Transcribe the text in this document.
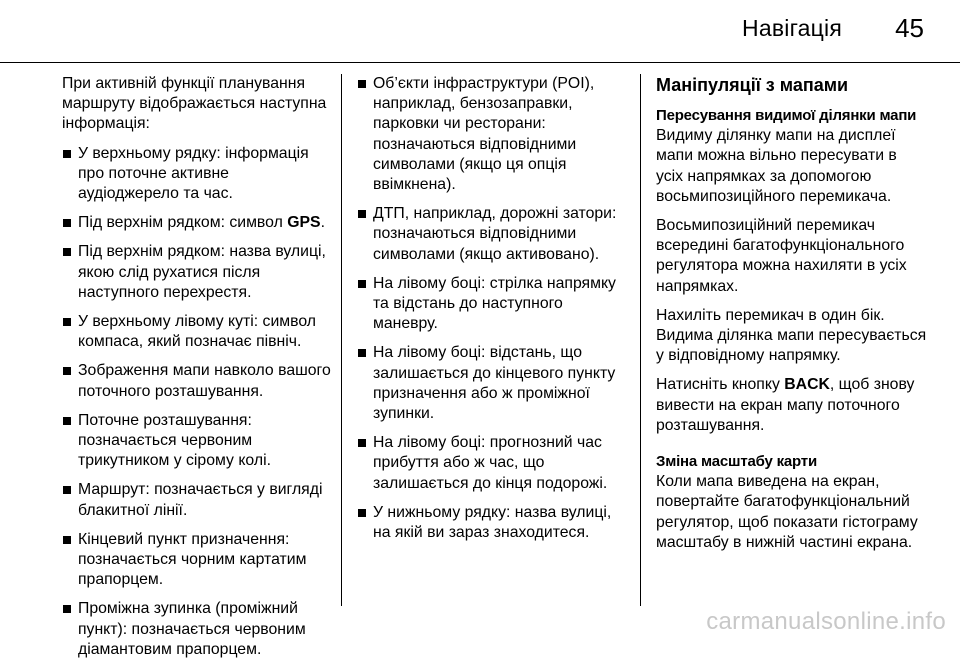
Навігація 45

При активній функції планування маршруту відображається наступна інформація:

У верхньому рядку: інформація про поточне активне аудіоджерело та час.
Під верхнім рядком: символ GPS.
Під верхнім рядком: назва вулиці, якою слід рухатися після наступного перехрестя.
У верхньому лівому куті: символ компаса, який позначає північ.
Зображення мапи навколо вашого поточного розташування.
Поточне розташування: позначається червоним трикутником у сірому колі.
Маршрут: позначається у вигляді блакитної лінії.
Кінцевий пункт призначення: позначається чорним картатим прапорцем.
Проміжна зупинка (проміжний пункт): позначається червоним діамантовим прапорцем.
Об’єкти інфраструктури (POI), наприклад, бензозаправки, парковки чи ресторани: позначаються відповідними символами (якщо ця опція ввімкнена).
ДТП, наприклад, дорожні затори: позначаються відповідними символами (якщо активовано).
На лівому боці: стрілка напрямку та відстань до наступного маневру.
На лівому боці: відстань, що залишається до кінцевого пункту призначення або ж проміжної зупинки.
На лівому боці: прогнозний час прибуття або ж час, що залишається до кінця подорожі.
У нижньому рядку: назва вулиці, на якій ви зараз знаходитеся.
Маніпуляції з мапами
Пересування видимої ділянки мапи

Видиму ділянку мапи на дисплеї мапи можна вільно пересувати в усіх напрямках за допомогою восьмипозиційного перемикача.

Восьмипозиційний перемикач всередині багатофункціонального регулятора можна нахиляти в усіх напрямках.

Нахиліть перемикач в один бік. Видима ділянка мапи пересувається у відповідному напрямку.

Натисніть кнопку BACK, щоб знову вивести на екран мапу поточного розташування.

Зміна масштабу карти

Коли мапа виведена на екран, повертайте багатофункціональний регулятор, щоб показати гістограму масштабу в нижній частині екрана.

carmanualsonline.info
